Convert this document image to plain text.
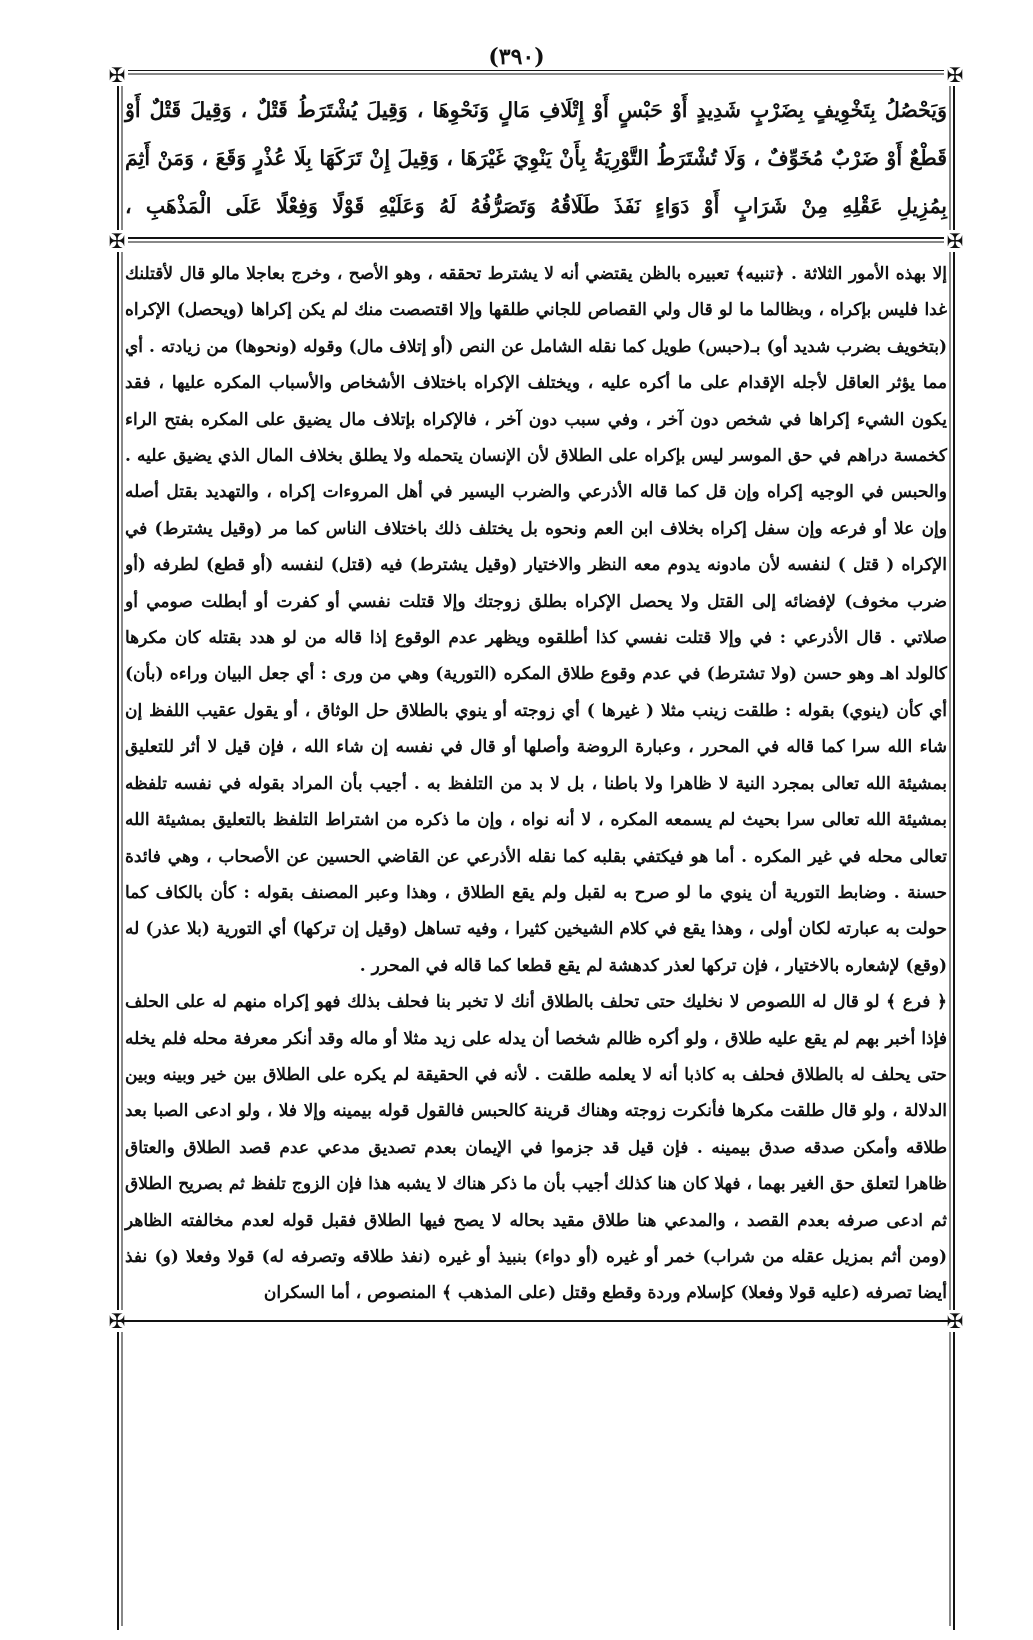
(٣٩٠)
✠	✠
✠	✠
✠	✠

وَيَحْصُلُ بِتَخْوِيفٍ بِضَرْبٍ شَدِيدٍ أَوْ حَبْسٍ أَوْ إِتْلَافِ مَالٍ وَنَحْوِهَا ، وَقِيلَ يُشْتَرَطُ قَتْلٌ ، وَقِيلَ قَتْلٌ أَوْ قَطْعٌ أَوْ ضَرْبٌ مُخَوِّفٌ ، وَلَا تُشْتَرَطُ التَّوْرِيَةُ بِأَنْ يَنْوِيَ غَيْرَهَا ، وَقِيلَ إِنْ تَرَكَهَا بِلَا عُذْرٍ وَقَعَ ، وَمَنْ أَثِمَ بِمُزِيلِ عَقْلِهِ مِنْ شَرَابٍ أَوْ دَوَاءٍ نَفَذَ طَلَاقُهُ وَتَصَرُّفُهُ لَهُ وَعَلَيْهِ قَوْلًا وَفِعْلًا عَلَى الْمَذْهَبِ ،

إلا بهذه الأمور الثلاثة . ﴿تنبيه﴾ تعبيره بالظن يقتضي أنه لا يشترط تحققه ، وهو الأصح ، وخرج بعاجلا مالو قال لأقتلنك غدا فليس بإكراه ، وبظالما ما لو قال ولي القصاص للجاني طلقها وإلا اقتصصت منك لم يكن إكراها (ويحصل) الإكراه (بتخويف بضرب شديد أو) بـ(حبس) طويل كما نقله الشامل عن النص (أو إتلاف مال) وقوله (ونحوها) من زيادته . أي مما يؤثر العاقل لأجله الإقدام على ما أكره عليه ، ويختلف الإكراه باختلاف الأشخاص والأسباب المكره عليها ، فقد يكون الشيء إكراها في شخص دون آخر ، وفي سبب دون آخر ، فالإكراه بإتلاف مال يضيق على المكره بفتح الراء كخمسة دراهم في حق الموسر ليس بإكراه على الطلاق لأن الإنسان يتحمله ولا يطلق بخلاف المال الذي يضيق عليه . والحبس في الوجيه إكراه وإن قل كما قاله الأذرعي والضرب اليسير في أهل المروءات إكراه ، والتهديد بقتل أصله وإن علا أو فرعه وإن سفل إكراه بخلاف ابن العم ونحوه بل يختلف ذلك باختلاف الناس كما مر (وقيل يشترط) في الإكراه ( قتل ) لنفسه لأن مادونه يدوم معه النظر والاختيار (وقيل يشترط) فيه (قتل) لنفسه (أو قطع) لطرفه (أو ضرب مخوف) لإفضائه إلى القتل ولا يحصل الإكراه بطلق زوجتك وإلا قتلت نفسي أو كفرت أو أبطلت صومي أو صلاتي . قال الأذرعي : في وإلا قتلت نفسي كذا أطلقوه ويظهر عدم الوقوع إذا قاله من لو هدد بقتله كان مكرها كالولد اهـ وهو حسن (ولا تشترط) في عدم وقوع طلاق المكره (التورية) وهي من ورى : أي جعل البيان وراءه (بأن) أي كأن (ينوي) بقوله : طلقت زينب مثلا ( غيرها ) أي زوجته أو ينوي بالطلاق حل الوثاق ، أو يقول عقيب اللفظ إن شاء الله سرا كما قاله في المحرر ، وعبارة الروضة وأصلها أو قال في نفسه إن شاء الله ، فإن قيل لا أثر للتعليق بمشيئة الله تعالى بمجرد النية لا ظاهرا ولا باطنا ، بل لا بد من التلفظ به . أجيب بأن المراد بقوله في نفسه تلفظه بمشيئة الله تعالى سرا بحيث لم يسمعه المكره ، لا أنه نواه ، وإن ما ذكره من اشتراط التلفظ بالتعليق بمشيئة الله تعالى محله في غير المكره . أما هو فيكتفي بقلبه كما نقله الأذرعي عن القاضي الحسين عن الأصحاب ، وهي فائدة حسنة . وضابط التورية أن ينوي ما لو صرح به لقبل ولم يقع الطلاق ، وهذا وعبر المصنف بقوله : كأن بالكاف كما حولت به عبارته لكان أولى ، وهذا يقع في كلام الشيخين كثيرا ، وفيه تساهل (وقيل إن تركها) أي التورية (بلا عذر) له (وقع) لإشعاره بالاختيار ، فإن تركها لعذر كدهشة لم يقع قطعا كما قاله في المحرر .

﴿ فرع ﴾ لو قال له اللصوص لا نخليك حتى تحلف بالطلاق أنك لا تخبر بنا فحلف بذلك فهو إكراه منهم له على الحلف فإذا أخبر بهم لم يقع عليه طلاق ، ولو أكره ظالم شخصا أن يدله على زيد مثلا أو ماله وقد أنكر معرفة محله فلم يخله حتى يحلف له بالطلاق فحلف به كاذبا أنه لا يعلمه طلقت . لأنه في الحقيقة لم يكره على الطلاق بين خير وبينه وبين الدلالة ، ولو قال طلقت مكرها فأنكرت زوجته وهناك قرينة كالحبس فالقول قوله بيمينه وإلا فلا ، ولو ادعى الصبا بعد طلاقه وأمكن صدقه صدق بيمينه . فإن قيل قد جزموا في الإيمان بعدم تصديق مدعي عدم قصد الطلاق والعتاق ظاهرا لتعلق حق الغير بهما ، فهلا كان هنا كذلك أجيب بأن ما ذكر هناك لا يشبه هذا فإن الزوج تلفظ ثم بصريح الطلاق ثم ادعى صرفه بعدم القصد ، والمدعي هنا طلاق مقيد بحاله لا يصح فيها الطلاق فقبل قوله لعدم مخالفته الظاهر (ومن أثم بمزيل عقله من شراب) خمر أو غيره (أو دواء) بنبيذ أو غيره (نفذ طلاقه وتصرفه له) قولا وفعلا (و) نفذ أيضا تصرفه (عليه قولا وفعلا) كإسلام وردة وقطع وقتل (على المذهب ﴾ المنصوص ، أما السكران
